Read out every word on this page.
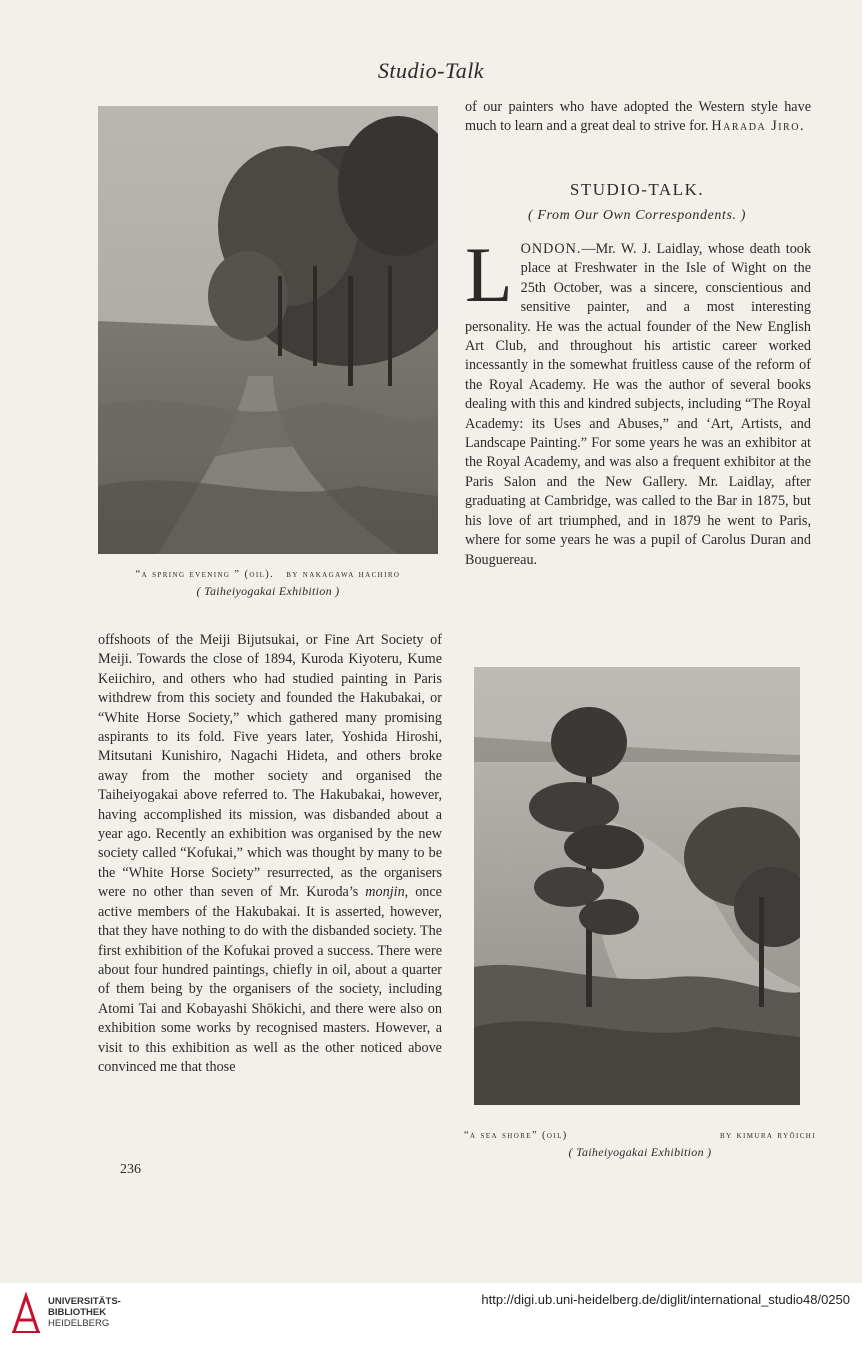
Studio-Talk
“a spring evening ” (oil). by nakagawa hachiro
( Taiheiyogakai Exhibition )

of our painters who have adopted the Western style have much to learn and a great deal to strive for. Harada Jiro.
STUDIO-TALK.
( From Our Own Correspondents. )

LONDON.—Mr. W. J. Laidlay, whose death took place at Freshwater in the Isle of Wight on the 25th October, was a sincere, conscientious and sensitive painter, and a most interesting personality. He was the actual founder of the New English Art Club, and throughout his artistic career worked incessantly in the somewhat fruitless cause of the reform of the Royal Academy. He was the author of several books dealing with this and kindred subjects, including “The Royal Academy: its Uses and Abuses,” and ‘Art, Artists, and Landscape Painting.” For some years he was an exhibitor at the Royal Academy, and was also a frequent exhibitor at the Paris Salon and the New Gallery. Mr. Laidlay, after graduating at Cambridge, was called to the Bar in 1875, but his love of art triumphed, and in 1879 he went to Paris, where for some years he was a pupil of Carolus Duran and Bouguereau.

offshoots of the Meiji Bijutsukai, or Fine Art Society of Meiji. Towards the close of 1894, Kuroda Kiyoteru, Kume Keiichiro, and others who had studied painting in Paris withdrew from this society and founded the Hakubakai, or “White Horse Society,” which gathered many promising aspirants to its fold. Five years later, Yoshida Hiroshi, Mitsutani Kunishiro, Nagachi Hideta, and others broke away from the mother society and organised the Taiheiyogakai above referred to. The Hakubakai, however, having accomplished its mission, was disbanded about a year ago. Recently an exhibition was organised by the new society called “Kofukai,” which was thought by many to be the “White Horse Society” resurrected, as the organisers were no other than seven of Mr. Kuroda’s monjin, once active members of the Hakubakai. It is asserted, however, that they have nothing to do with the disbanded society. The first exhibition of the Kofukai proved a success. There were about four hundred paintings, chiefly in oil, about a quarter of them being by the organisers of the society, including Atomi Tai and Kobayashi Shōkichi, and there were also on exhibition some works by recognised masters. However, a visit to this exhibition as well as the other noticed above convinced me that those

“a sea shore” (oil)	by kimura ryōichi
( Taiheiyogakai Exhibition )
236
UNIVERSITÄTS-
BIBLIOTHEK
HEIDELBERG
http://digi.ub.uni-heidelberg.de/diglit/international_studio48/0250
